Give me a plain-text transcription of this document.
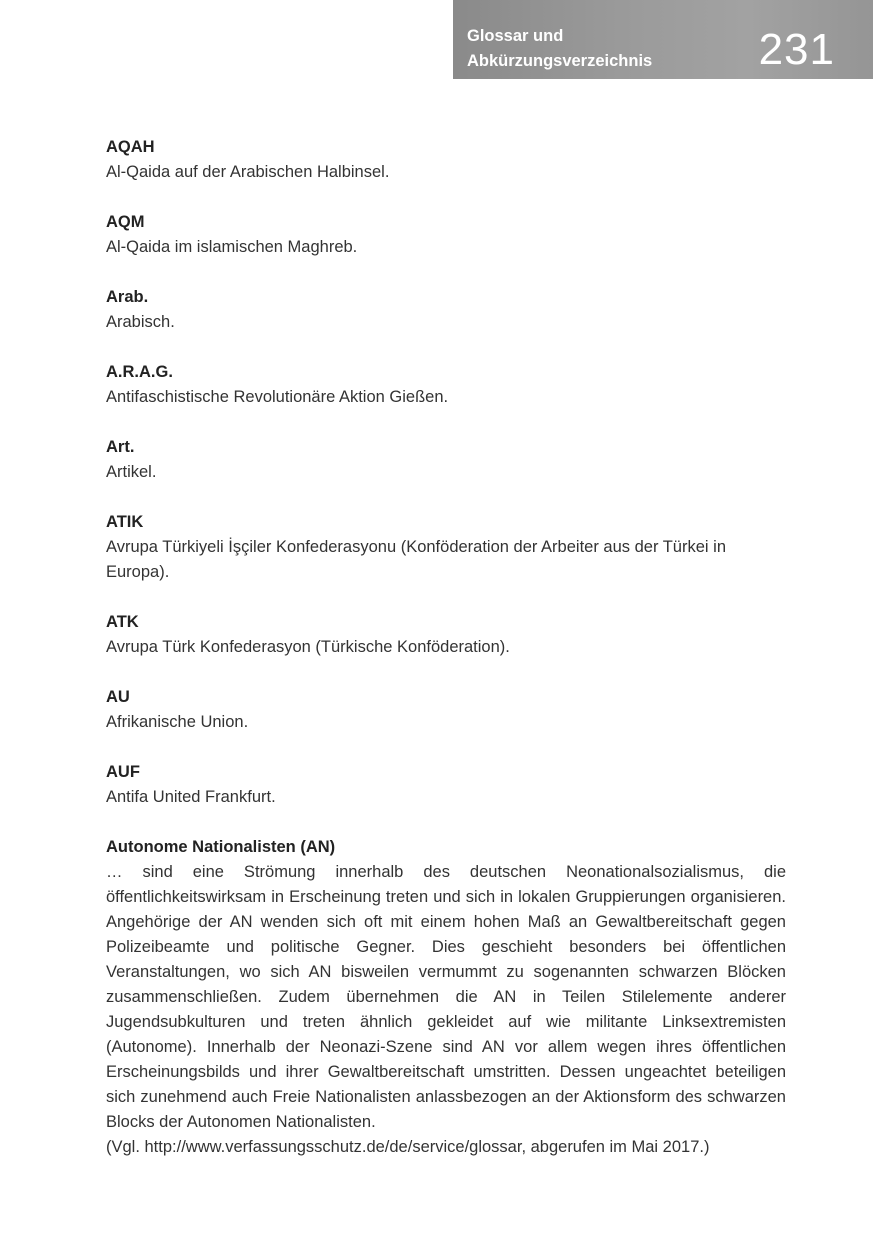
Glossar und
Abkürzungsverzeichnis 231
AQAH
Al-Qaida auf der Arabischen Halbinsel.
AQM
Al-Qaida im islamischen Maghreb.
Arab.
Arabisch.
A.R.A.G.
Antifaschistische Revolutionäre Aktion Gießen.
Art.
Artikel.
ATIK
Avrupa Türkiyeli İşçiler Konfederasyonu (Konföderation der Arbeiter aus der Türkei in Europa).
ATK
Avrupa Türk Konfederasyon (Türkische Konföderation).
AU
Afrikanische Union.
AUF
Antifa United Frankfurt.
Autonome Nationalisten (AN)

… sind eine Strömung innerhalb des deutschen Neonationalsozialismus, die öffentlichkeitswirksam in Erscheinung treten und sich in lokalen Gruppierungen organisieren. Angehörige der AN wenden sich oft mit einem hohen Maß an Gewaltbereitschaft gegen Polizeibeamte und politische Gegner. Dies geschieht besonders bei öffentlichen Veranstaltungen, wo sich AN bisweilen vermummt zu sogenannten schwarzen Blöcken zusammenschließen. Zudem übernehmen die AN in Teilen Stilelemente anderer Jugendsubkulturen und treten ähnlich gekleidet auf wie militante Linksextremisten (Autonome). Innerhalb der Neonazi-Szene sind AN vor allem wegen ihres öffentlichen Erscheinungsbilds und ihrer Gewaltbereitschaft umstritten. Dessen ungeachtet beteiligen sich zunehmend auch Freie Nationalisten anlassbezogen an der Aktionsform des schwarzen Blocks der Autonomen Nationalisten.

(Vgl. http://www.verfassungsschutz.de/de/service/glossar, abgerufen im Mai 2017.)
